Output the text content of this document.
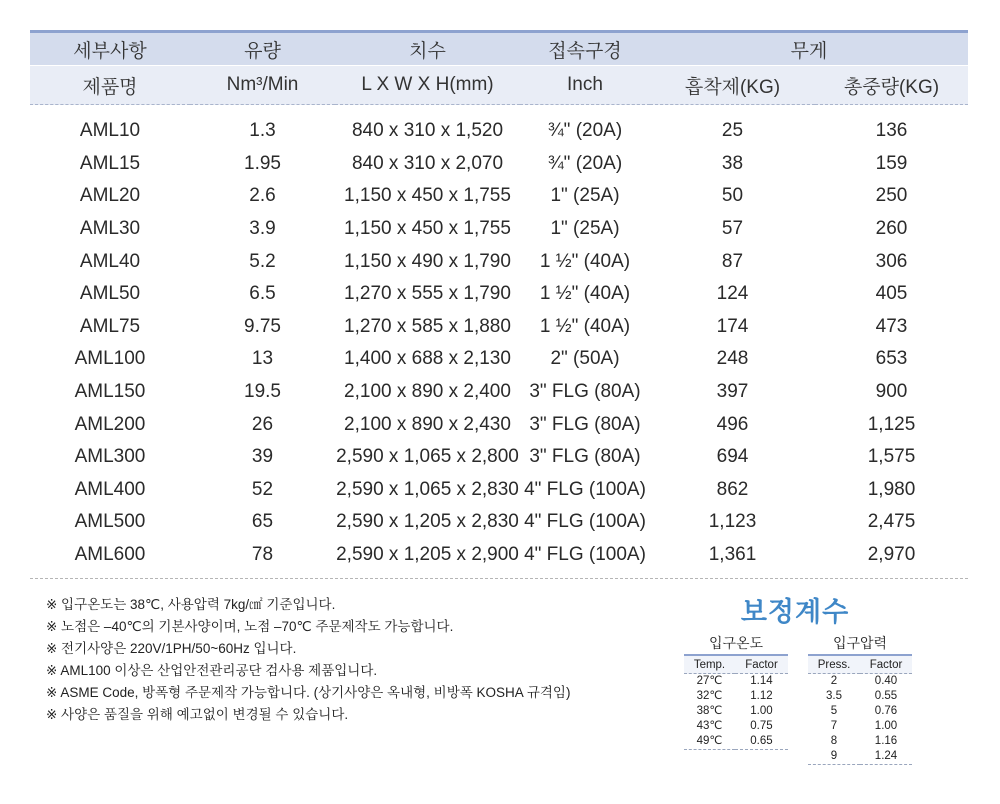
세부사항	유량	치수	접속구경	무게	
제품명	Nm³/Min	L X W X H(mm)	Inch	흡착제(KG)	총중량(KG)
AML10	1.3	840 x 310 x 1,520	¾" (20A)	25	136
AML15	1.95	840 x 310 x 2,070	¾" (20A)	38	159
AML20	2.6	1,150 x 450 x 1,755	1" (25A)	50	250
AML30	3.9	1,150 x 450 x 1,755	1" (25A)	57	260
AML40	5.2	1,150 x 490 x 1,790	1 ½" (40A)	87	306
AML50	6.5	1,270 x 555 x 1,790	1 ½" (40A)	124	405
AML75	9.75	1,270 x 585 x 1,880	1 ½" (40A)	174	473
AML100	13	1,400 x 688 x 2,130	2" (50A)	248	653
AML150	19.5	2,100 x 890 x 2,400	3" FLG (80A)	397	900
AML200	26	2,100 x 890 x 2,430	3" FLG (80A)	496	1,125
AML300	39	2,590 x 1,065 x 2,800	3" FLG (80A)	694	1,575
AML400	52	2,590 x 1,065 x 2,830	4" FLG (100A)	862	1,980
AML500	65	2,590 x 1,205 x 2,830	4" FLG (100A)	1,123	2,475
AML600	78	2,590 x 1,205 x 2,900	4" FLG (100A)	1,361	2,970
※ 입구온도는 38℃, 사용압력 7kg/㎠ 기준입니다.
※ 노점은 –40℃의 기본사양이며, 노점 –70℃ 주문제작도 가능합니다.
※ 전기사양은 220V/1PH/50~60Hz 입니다.
※ AML100 이상은 산업안전관리공단 검사용 제품입니다.
※ ASME Code, 방폭형 주문제작 가능합니다. (상기사양은 옥내형, 비방폭 KOSHA 규격임)
※ 사양은 품질을 위해 예고없이 변경될 수 있습니다.
보정계수
입구온도
Temp.	Factor
27℃	1.14
32℃	1.12
38℃	1.00
43℃	0.75
49℃	0.65
입구압력
Press.	Factor
2	0.40
3.5	0.55
5	0.76
7	1.00
8	1.16
9	1.24
